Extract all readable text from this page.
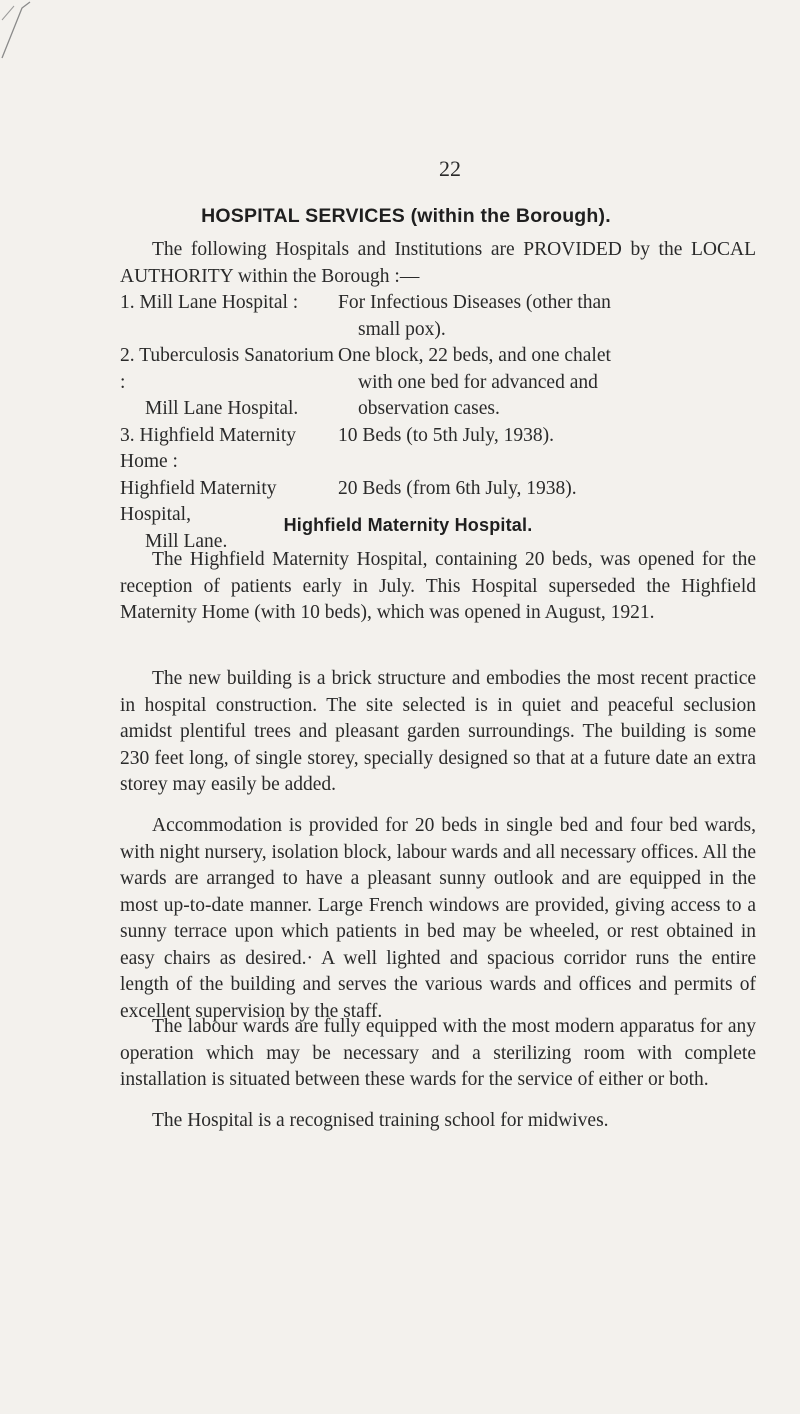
22
HOSPITAL SERVICES (within the Borough).
The following Hospitals and Institutions are PROVIDED by the LOCAL AUTHORITY within the Borough :—
1. Mill Lane Hospital :	For Infectious Diseases (other than
small pox).
2. Tuberculosis Sanatorium :
Mill Lane Hospital.
One block, 22 beds, and one chalet
with one bed for advanced and
observation cases.
3. Highfield Maternity Home :
10 Beds (to 5th July, 1938).
Highfield Maternity Hospital,
Mill Lane.
20 Beds (from 6th July, 1938).
Highfield Maternity Hospital.
The Highfield Maternity Hospital, containing 20 beds, was opened for the reception of patients early in July. This Hospital superseded the Highfield Maternity Home (with 10 beds), which was opened in August, 1921.
The new building is a brick structure and embodies the most recent practice in hospital construction. The site selected is in quiet and peaceful seclusion amidst plentiful trees and pleasant garden surroundings. The building is some 230 feet long, of single storey, specially designed so that at a future date an extra storey may easily be added.
Accommodation is provided for 20 beds in single bed and four bed wards, with night nursery, isolation block, labour wards and all necessary offices. All the wards are arranged to have a pleasant sunny outlook and are equipped in the most up-to-date manner. Large French windows are provided, giving access to a sunny terrace upon which patients in bed may be wheeled, or rest obtained in easy chairs as desired.· A well lighted and spacious corridor runs the entire length of the building and serves the various wards and offices and permits of excellent supervision by the staff.
The labour wards are fully equipped with the most modern apparatus for any operation which may be necessary and a sterilizing room with complete installation is situated between these wards for the service of either or both.
The Hospital is a recognised training school for midwives.
